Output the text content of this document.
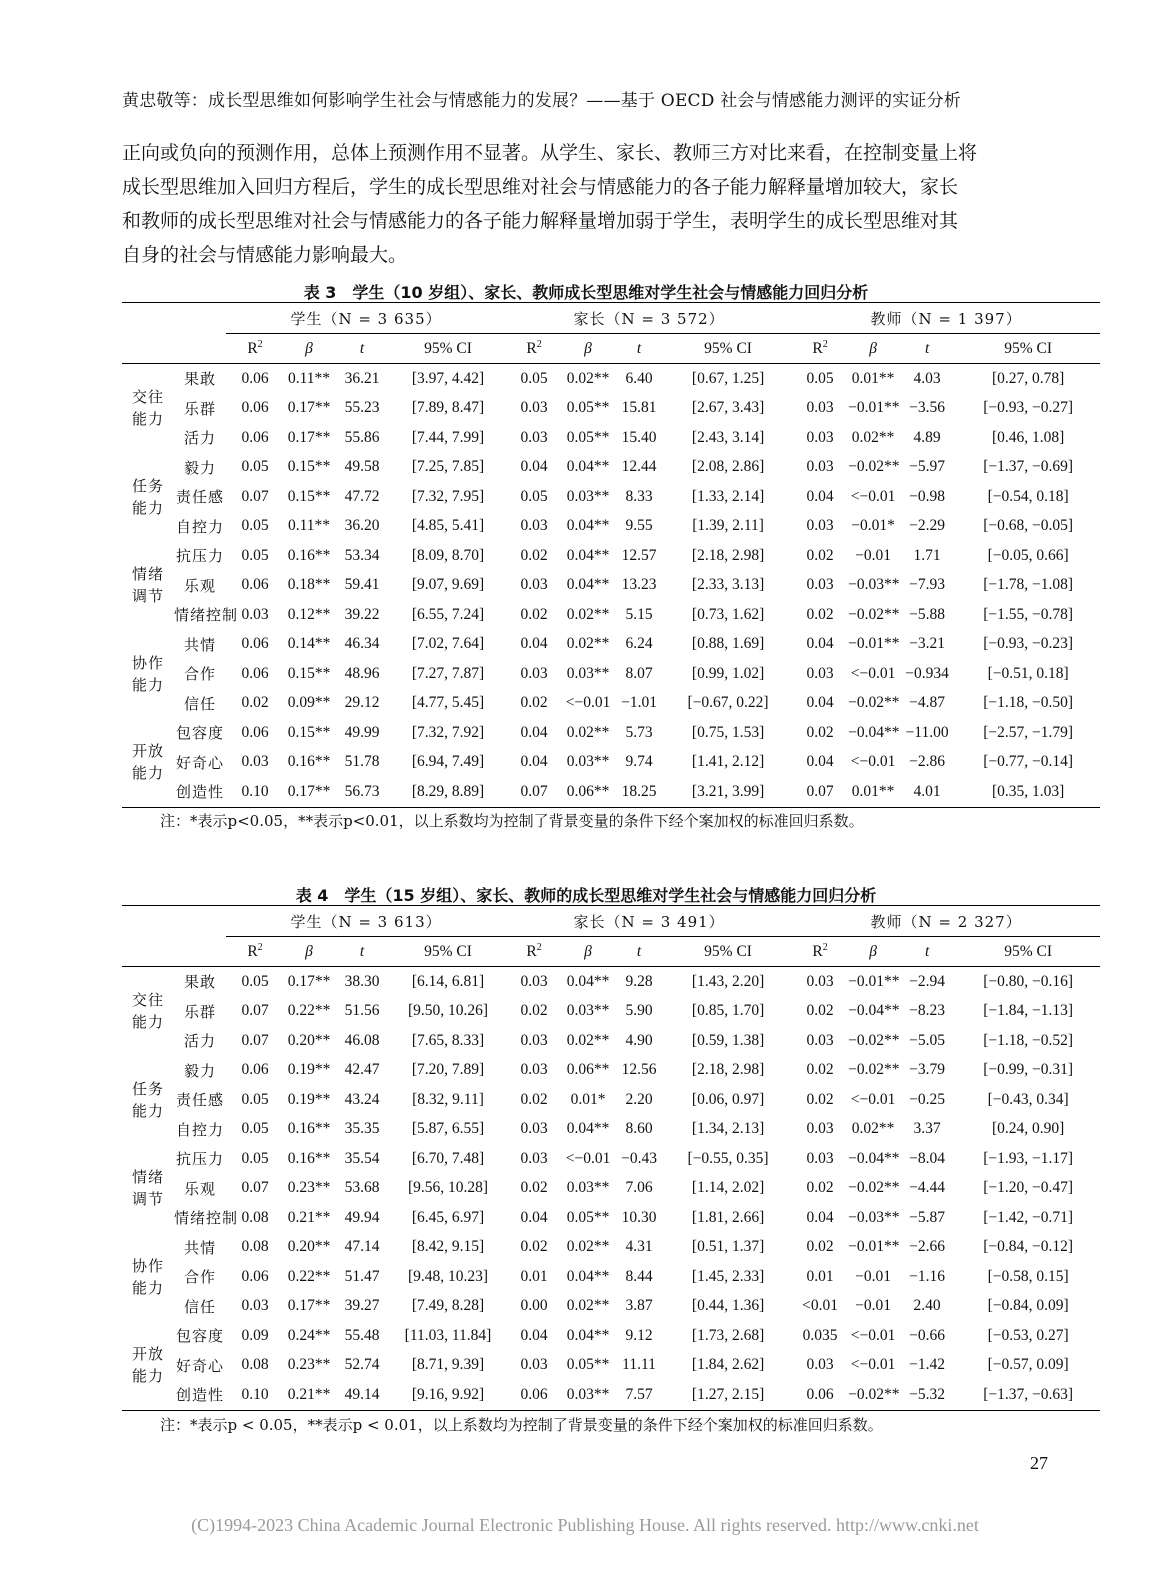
黄忠敬等：成长型思维如何影响学生社会与情感能力的发展？——基于 OECD 社会与情感能力测评的实证分析
正向或负向的预测作用，总体上预测作用不显著。从学生、家长、教师三方对比来看，在控制变量上将
成长型思维加入回归方程后，学生的成长型思维对社会与情感能力的各子能力解释量增加较大，家长
和教师的成长型思维对社会与情感能力的各子能力解释量增加弱于学生，表明学生的成长型思维对其
自身的社会与情感能力影响最大。
表 3　学生（10 岁组）、家长、教师成长型思维对学生社会与情感能力回归分析
		学生（N = 3 635）				家长（N = 3 572）				教师（N = 1 397）			
		$R^2$	β	t	95% CI	$R^2$	β	t	95% CI	$R^2$	β	t	95% CI
交往
能力	果敢	0.06	0.11**	36.21	[3.97, 4.42]	0.05	0.02**	6.40	[0.67, 1.25]	0.05	0.01**	4.03	[0.27, 0.78]
	乐群	0.06	0.17**	55.23	[7.89, 8.47]	0.03	0.05**	15.81	[2.67, 3.43]	0.03	−0.01**	−3.56	[−0.93, −0.27]
	活力	0.06	0.17**	55.86	[7.44, 7.99]	0.03	0.05**	15.40	[2.43, 3.14]	0.03	0.02**	4.89	[0.46, 1.08]
任务
能力	毅力	0.05	0.15**	49.58	[7.25, 7.85]	0.04	0.04**	12.44	[2.08, 2.86]	0.03	−0.02**	−5.97	[−1.37, −0.69]
	责任感	0.07	0.15**	47.72	[7.32, 7.95]	0.05	0.03**	8.33	[1.33, 2.14]	0.04	<−0.01	−0.98	[−0.54, 0.18]
	自控力	0.05	0.11**	36.20	[4.85, 5.41]	0.03	0.04**	9.55	[1.39, 2.11]	0.03	−0.01*	−2.29	[−0.68, −0.05]
情绪
调节	抗压力	0.05	0.16**	53.34	[8.09, 8.70]	0.02	0.04**	12.57	[2.18, 2.98]	0.02	−0.01	1.71	[−0.05, 0.66]
	乐观	0.06	0.18**	59.41	[9.07, 9.69]	0.03	0.04**	13.23	[2.33, 3.13]	0.03	−0.03**	−7.93	[−1.78, −1.08]
	情绪控制	0.03	0.12**	39.22	[6.55, 7.24]	0.02	0.02**	5.15	[0.73, 1.62]	0.02	−0.02**	−5.88	[−1.55, −0.78]
协作
能力	共情	0.06	0.14**	46.34	[7.02, 7.64]	0.04	0.02**	6.24	[0.88, 1.69]	0.04	−0.01**	−3.21	[−0.93, −0.23]
	合作	0.06	0.15**	48.96	[7.27, 7.87]	0.03	0.03**	8.07	[0.99, 1.02]	0.03	<−0.01	−0.934	[−0.51, 0.18]
	信任	0.02	0.09**	29.12	[4.77, 5.45]	0.02	<−0.01	−1.01	[−0.67, 0.22]	0.04	−0.02**	−4.87	[−1.18, −0.50]
开放
能力	包容度	0.06	0.15**	49.99	[7.32, 7.92]	0.04	0.02**	5.73	[0.75, 1.53]	0.02	−0.04**	−11.00	[−2.57, −1.79]
	好奇心	0.03	0.16**	51.78	[6.94, 7.49]	0.04	0.03**	9.74	[1.41, 2.12]	0.04	<−0.01	−2.86	[−0.77, −0.14]
	创造性	0.10	0.17**	56.73	[8.29, 8.89]	0.07	0.06**	18.25	[3.21, 3.99]	0.07	0.01**	4.01	[0.35, 1.03]
注：*表示p<0.05，**表示p<0.01，以上系数均为控制了背景变量的条件下经个案加权的标准回归系数。
表 4　学生（15 岁组）、家长、教师的成长型思维对学生社会与情感能力回归分析
		学生（N = 3 613）				家长（N = 3 491）				教师（N = 2 327）			
		$R^2$	β	t	95% CI	$R^2$	β	t	95% CI	$R^2$	β	t	95% CI
交往
能力	果敢	0.05	0.17**	38.30	[6.14, 6.81]	0.03	0.04**	9.28	[1.43, 2.20]	0.03	−0.01**	−2.94	[−0.80, −0.16]
	乐群	0.07	0.22**	51.56	[9.50, 10.26]	0.02	0.03**	5.90	[0.85, 1.70]	0.02	−0.04**	−8.23	[−1.84, −1.13]
	活力	0.07	0.20**	46.08	[7.65, 8.33]	0.03	0.02**	4.90	[0.59, 1.38]	0.03	−0.02**	−5.05	[−1.18, −0.52]
任务
能力	毅力	0.06	0.19**	42.47	[7.20, 7.89]	0.03	0.06**	12.56	[2.18, 2.98]	0.02	−0.02**	−3.79	[−0.99, −0.31]
	责任感	0.05	0.19**	43.24	[8.32, 9.11]	0.02	0.01*	2.20	[0.06, 0.97]	0.02	<−0.01	−0.25	[−0.43, 0.34]
	自控力	0.05	0.16**	35.35	[5.87, 6.55]	0.03	0.04**	8.60	[1.34, 2.13]	0.03	0.02**	3.37	[0.24, 0.90]
情绪
调节	抗压力	0.05	0.16**	35.54	[6.70, 7.48]	0.03	<−0.01	−0.43	[−0.55, 0.35]	0.03	−0.04**	−8.04	[−1.93, −1.17]
	乐观	0.07	0.23**	53.68	[9.56, 10.28]	0.02	0.03**	7.06	[1.14, 2.02]	0.02	−0.02**	−4.44	[−1.20, −0.47]
	情绪控制	0.08	0.21**	49.94	[6.45, 6.97]	0.04	0.05**	10.30	[1.81, 2.66]	0.04	−0.03**	−5.87	[−1.42, −0.71]
协作
能力	共情	0.08	0.20**	47.14	[8.42, 9.15]	0.02	0.02**	4.31	[0.51, 1.37]	0.02	−0.01**	−2.66	[−0.84, −0.12]
	合作	0.06	0.22**	51.47	[9.48, 10.23]	0.01	0.04**	8.44	[1.45, 2.33]	0.01	−0.01	−1.16	[−0.58, 0.15]
	信任	0.03	0.17**	39.27	[7.49, 8.28]	0.00	0.02**	3.87	[0.44, 1.36]	<0.01	−0.01	2.40	[−0.84, 0.09]
开放
能力	包容度	0.09	0.24**	55.48	[11.03, 11.84]	0.04	0.04**	9.12	[1.73, 2.68]	0.035	<−0.01	−0.66	[−0.53, 0.27]
	好奇心	0.08	0.23**	52.74	[8.71, 9.39]	0.03	0.05**	11.11	[1.84, 2.62]	0.03	<−0.01	−1.42	[−0.57, 0.09]
	创造性	0.10	0.21**	49.14	[9.16, 9.92]	0.06	0.03**	7.57	[1.27, 2.15]	0.06	−0.02**	−5.32	[−1.37, −0.63]
注：*表示p < 0.05，**表示p < 0.01，以上系数均为控制了背景变量的条件下经个案加权的标准回归系数。
27
(C)1994-2023 China Academic Journal Electronic Publishing House. All rights reserved. http://www.cnki.net
